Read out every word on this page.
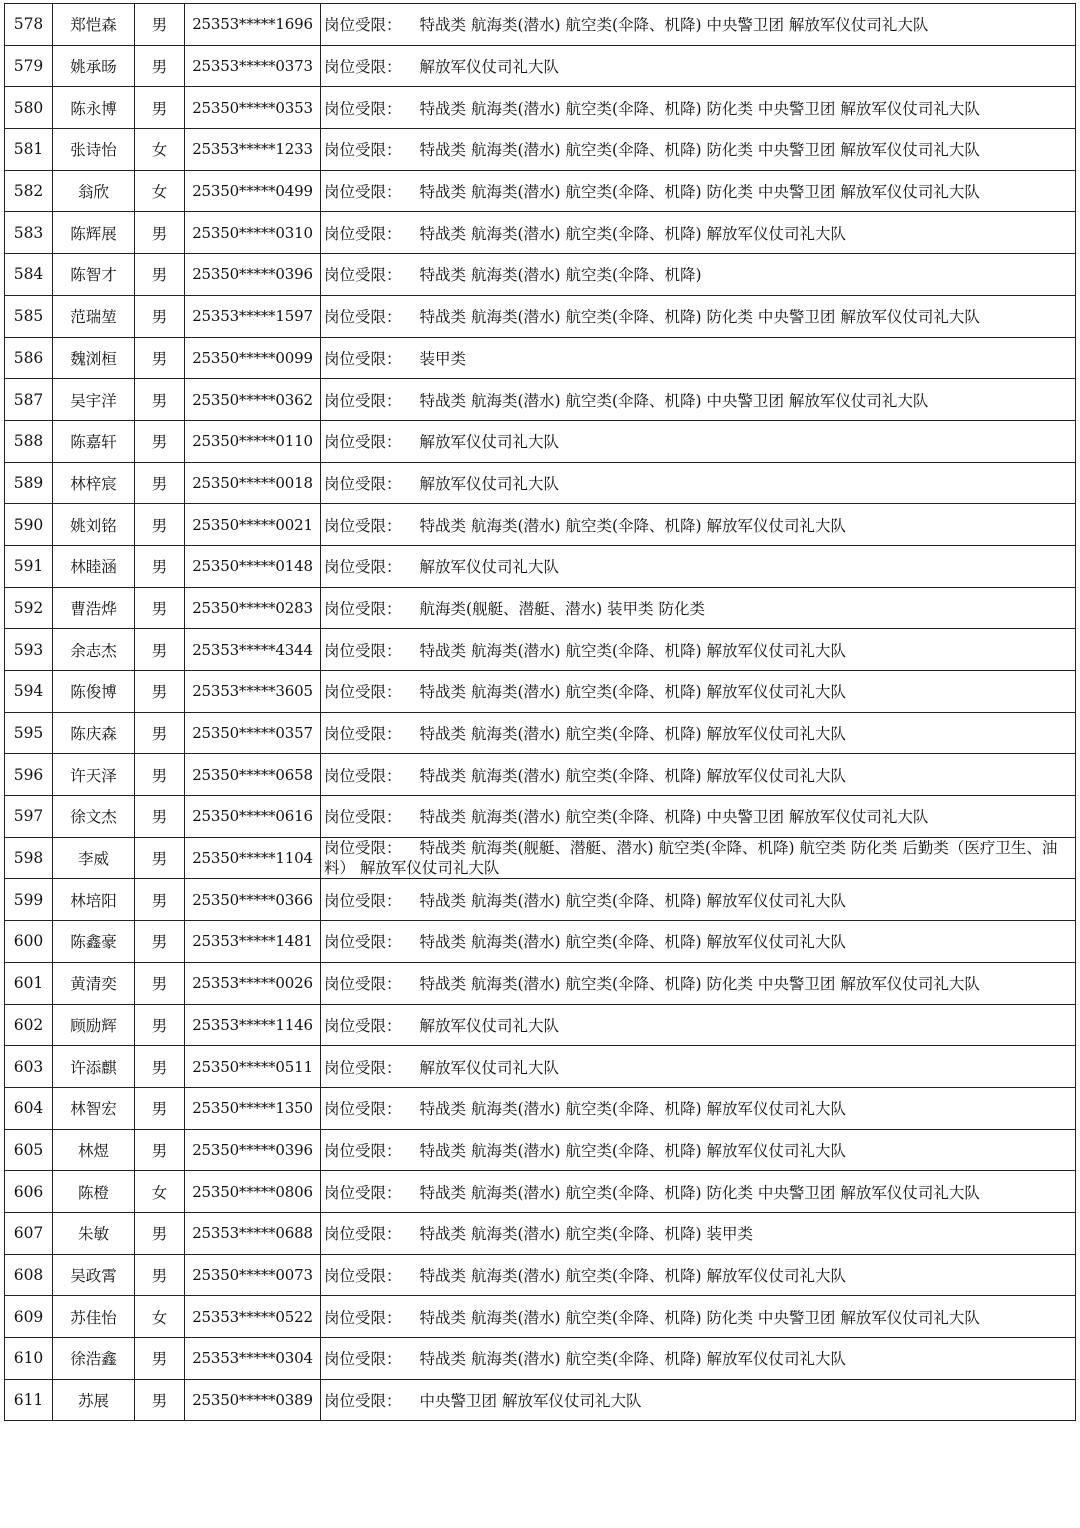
578	郑恺森	男	25353*****1696	岗位受限： 特战类 航海类(潜水) 航空类(伞降、机降) 中央警卫团 解放军仪仗司礼大队
579	姚承旸	男	25353*****0373	岗位受限： 解放军仪仗司礼大队
580	陈永博	男	25350*****0353	岗位受限： 特战类 航海类(潜水) 航空类(伞降、机降) 防化类 中央警卫团 解放军仪仗司礼大队
581	张诗怡	女	25353*****1233	岗位受限： 特战类 航海类(潜水) 航空类(伞降、机降) 防化类 中央警卫团 解放军仪仗司礼大队
582	翁欣	女	25350*****0499	岗位受限： 特战类 航海类(潜水) 航空类(伞降、机降) 防化类 中央警卫团 解放军仪仗司礼大队
583	陈辉展	男	25350*****0310	岗位受限： 特战类 航海类(潜水) 航空类(伞降、机降) 解放军仪仗司礼大队
584	陈智才	男	25350*****0396	岗位受限： 特战类 航海类(潜水) 航空类(伞降、机降)
585	范瑞堃	男	25353*****1597	岗位受限： 特战类 航海类(潜水) 航空类(伞降、机降) 防化类 中央警卫团 解放军仪仗司礼大队
586	魏浏桓	男	25350*****0099	岗位受限： 装甲类
587	吴宇洋	男	25350*****0362	岗位受限： 特战类 航海类(潜水) 航空类(伞降、机降) 中央警卫团 解放军仪仗司礼大队
588	陈嘉轩	男	25350*****0110	岗位受限： 解放军仪仗司礼大队
589	林梓宸	男	25350*****0018	岗位受限： 解放军仪仗司礼大队
590	姚刘铭	男	25350*****0021	岗位受限： 特战类 航海类(潜水) 航空类(伞降、机降) 解放军仪仗司礼大队
591	林睦涵	男	25350*****0148	岗位受限： 解放军仪仗司礼大队
592	曹浩烨	男	25350*****0283	岗位受限： 航海类(舰艇、潜艇、潜水) 装甲类 防化类
593	余志杰	男	25353*****4344	岗位受限： 特战类 航海类(潜水) 航空类(伞降、机降) 解放军仪仗司礼大队
594	陈俊博	男	25353*****3605	岗位受限： 特战类 航海类(潜水) 航空类(伞降、机降) 解放军仪仗司礼大队
595	陈庆森	男	25350*****0357	岗位受限： 特战类 航海类(潜水) 航空类(伞降、机降) 解放军仪仗司礼大队
596	许天泽	男	25350*****0658	岗位受限： 特战类 航海类(潜水) 航空类(伞降、机降) 解放军仪仗司礼大队
597	徐文杰	男	25350*****0616	岗位受限： 特战类 航海类(潜水) 航空类(伞降、机降) 中央警卫团 解放军仪仗司礼大队
598	李威	男	25350*****1104	岗位受限： 特战类 航海类(舰艇、潜艇、潜水) 航空类(伞降、机降) 航空类 防化类 后勤类（医疗卫生、油料） 解放军仪仗司礼大队
599	林培阳	男	25350*****0366	岗位受限： 特战类 航海类(潜水) 航空类(伞降、机降) 解放军仪仗司礼大队
600	陈鑫豪	男	25353*****1481	岗位受限： 特战类 航海类(潜水) 航空类(伞降、机降) 解放军仪仗司礼大队
601	黄清奕	男	25353*****0026	岗位受限： 特战类 航海类(潜水) 航空类(伞降、机降) 防化类 中央警卫团 解放军仪仗司礼大队
602	顾励辉	男	25353*****1146	岗位受限： 解放军仪仗司礼大队
603	许添麒	男	25350*****0511	岗位受限： 解放军仪仗司礼大队
604	林智宏	男	25350*****1350	岗位受限： 特战类 航海类(潜水) 航空类(伞降、机降) 解放军仪仗司礼大队
605	林煜	男	25350*****0396	岗位受限： 特战类 航海类(潜水) 航空类(伞降、机降) 解放军仪仗司礼大队
606	陈橙	女	25350*****0806	岗位受限： 特战类 航海类(潜水) 航空类(伞降、机降) 防化类 中央警卫团 解放军仪仗司礼大队
607	朱敏	男	25353*****0688	岗位受限： 特战类 航海类(潜水) 航空类(伞降、机降) 装甲类
608	吴政霄	男	25350*****0073	岗位受限： 特战类 航海类(潜水) 航空类(伞降、机降) 解放军仪仗司礼大队
609	苏佳怡	女	25353*****0522	岗位受限： 特战类 航海类(潜水) 航空类(伞降、机降) 防化类 中央警卫团 解放军仪仗司礼大队
610	徐浩鑫	男	25353*****0304	岗位受限： 特战类 航海类(潜水) 航空类(伞降、机降) 解放军仪仗司礼大队
611	苏展	男	25350*****0389	岗位受限： 中央警卫团 解放军仪仗司礼大队
